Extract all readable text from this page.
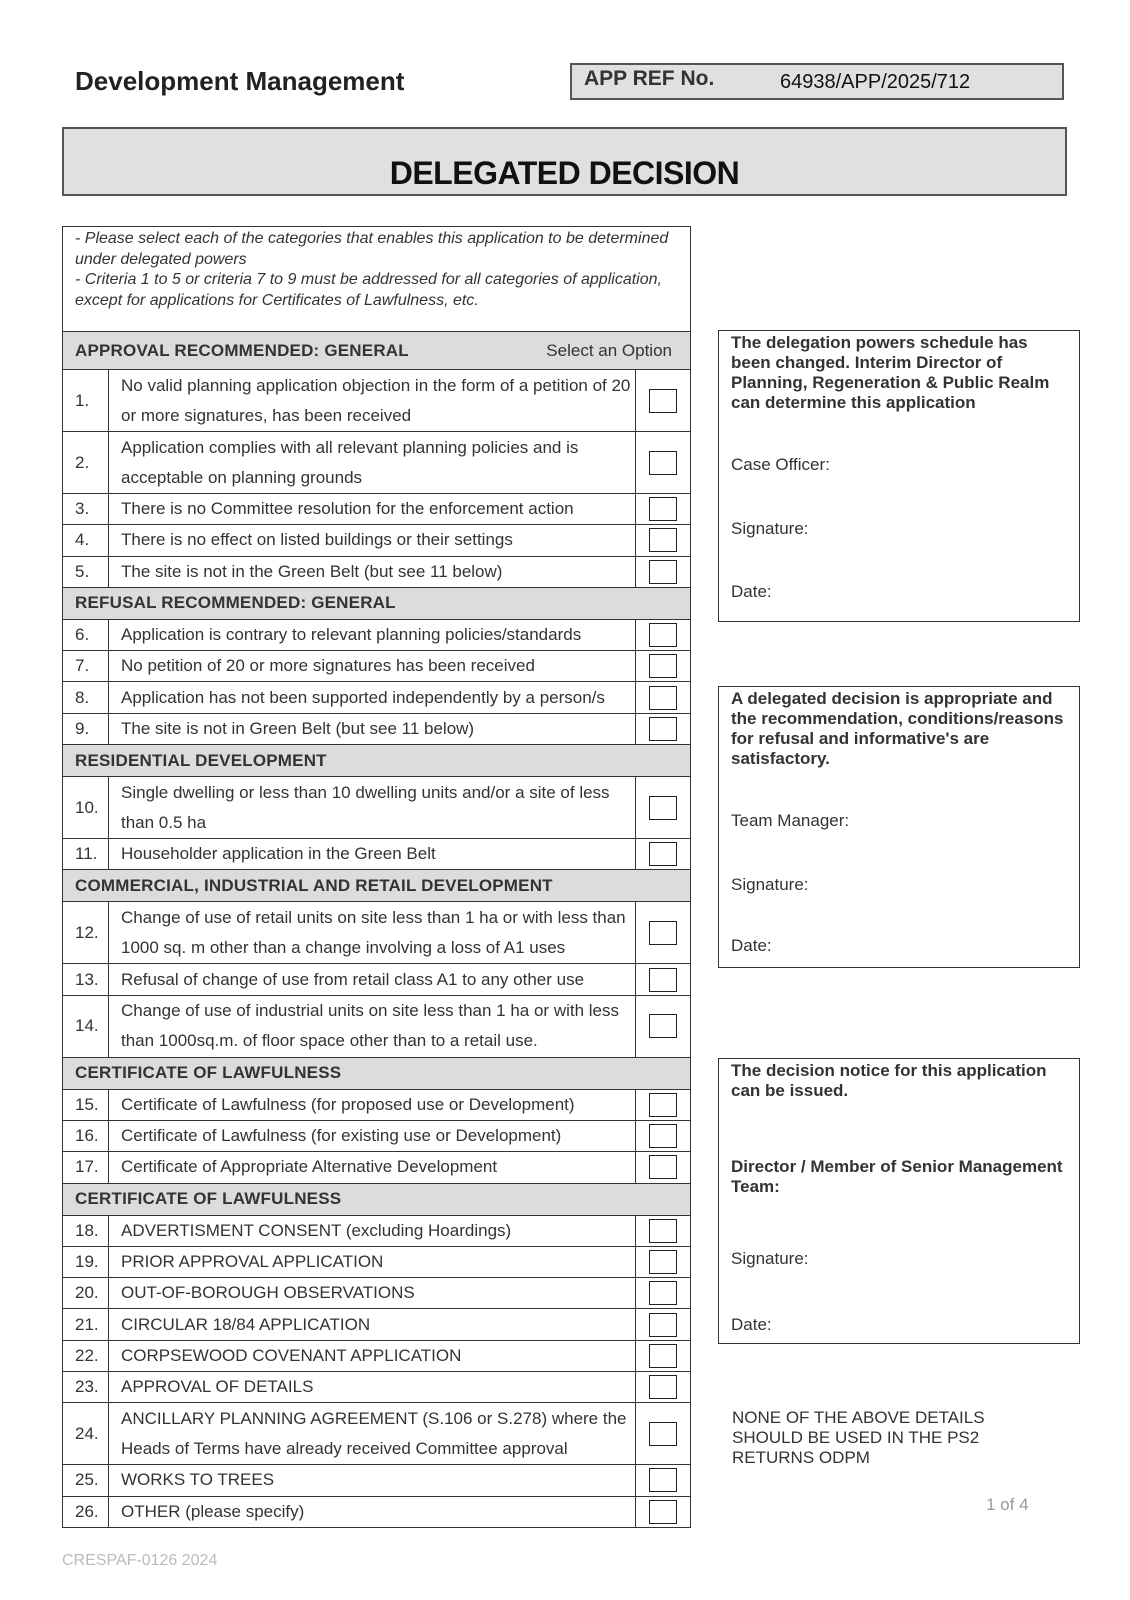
Development Management	APP REF No.	64938/APP/2025/712
DELEGATED DECISION
- Please select each of the categories that enables this application to be determined under delegated powers
- Criteria 1 to 5 or criteria 7 to 9 must be addressed for all categories of application, except for applications for Certificates of Lawfulness, etc.
APPROVAL RECOMMENDED: GENERAL Select an Option		

1.	No valid planning application objection in the form of a petition of 20 or more signatures, has been received	
2.	Application complies with all relevant planning policies and is acceptable on planning grounds	
3.	There is no Committee resolution for the enforcement action	
4.	There is no effect on listed buildings or their settings	
5.	The site is not in the Green Belt (but see 11 below)	
REFUSAL RECOMMENDED: GENERAL		
6.	Application is contrary to relevant planning policies/standards	
7.	No petition of 20 or more signatures has been received	
8.	Application has not been supported independently by a person/s	
9.	The site is not in Green Belt (but see 11 below)	
RESIDENTIAL DEVELOPMENT		
10.	Single dwelling or less than 10 dwelling units and/or a site of less than 0.5 ha	
11.	Householder application in the Green Belt	
COMMERCIAL, INDUSTRIAL AND RETAIL DEVELOPMENT		
12.	Change of use of retail units on site less than 1 ha or with less than 1000 sq. m other than a change involving a loss of A1 uses	
13.	Refusal of change of use from retail class A1 to any other use	
14.	Change of use of industrial units on site less than 1 ha or with less than 1000sq.m. of floor space other than to a retail use.	
CERTIFICATE OF LAWFULNESS		
15.	Certificate of Lawfulness (for proposed use or Development)	
16.	Certificate of Lawfulness (for existing use or Development)	
17.	Certificate of Appropriate Alternative Development	
CERTIFICATE OF LAWFULNESS		
18.	ADVERTISMENT CONSENT (excluding Hoardings)	
19.	PRIOR APPROVAL APPLICATION	
20.	OUT-OF-BOROUGH OBSERVATIONS	
21.	CIRCULAR 18/84 APPLICATION	
22.	CORPSEWOOD COVENANT APPLICATION	
23.	APPROVAL OF DETAILS	
24.	ANCILLARY PLANNING AGREEMENT (S.106 or S.278) where the Heads of Terms have already received Committee approval	
25.	WORKS TO TREES	
26.	OTHER (please specify)	
The delegation powers schedule has been changed. Interim Director of Planning, Regeneration & Public Realm can determine this application
Case Officer:
Signature:
Date:
A delegated decision is appropriate and the recommendation, conditions/reasons for refusal and informative's are satisfactory.
Team Manager:
Signature:
Date:
The decision notice for this application can be issued.
Director / Member of Senior Management Team:
Signature:
Date:
NONE OF THE ABOVE DETAILS SHOULD BE USED IN THE PS2 RETURNS ODPM
1 of 4
CRESPAF-0126 2024
